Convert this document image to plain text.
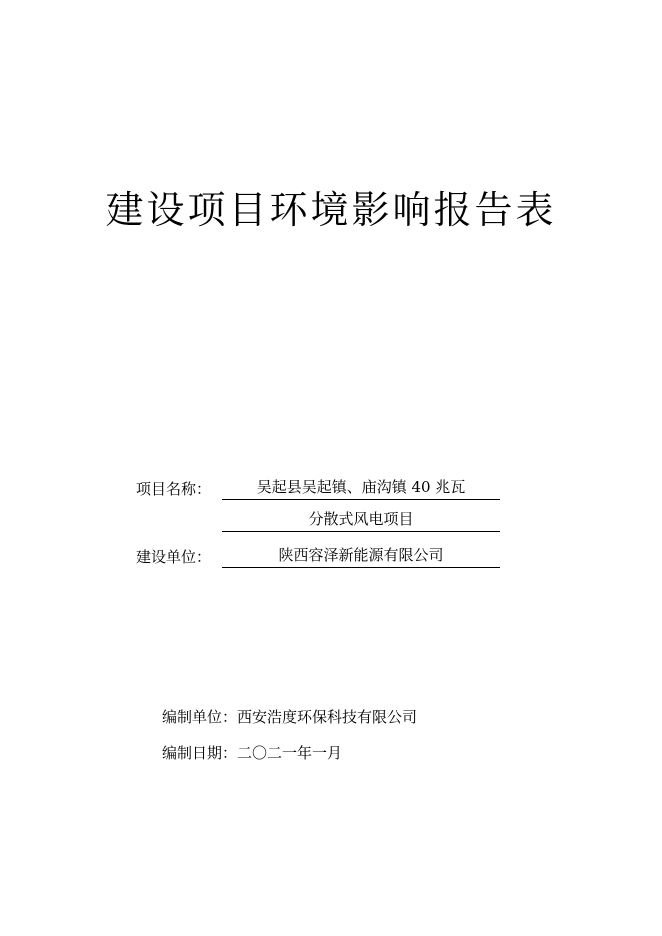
建设项目环境影响报告表
项目名称：	吴起县吴起镇、庙沟镇 40 兆瓦
分散式风电项目
建设单位：	陕西容泽新能源有限公司
编制单位：西安浩度环保科技有限公司
编制日期：二〇二一年一月
